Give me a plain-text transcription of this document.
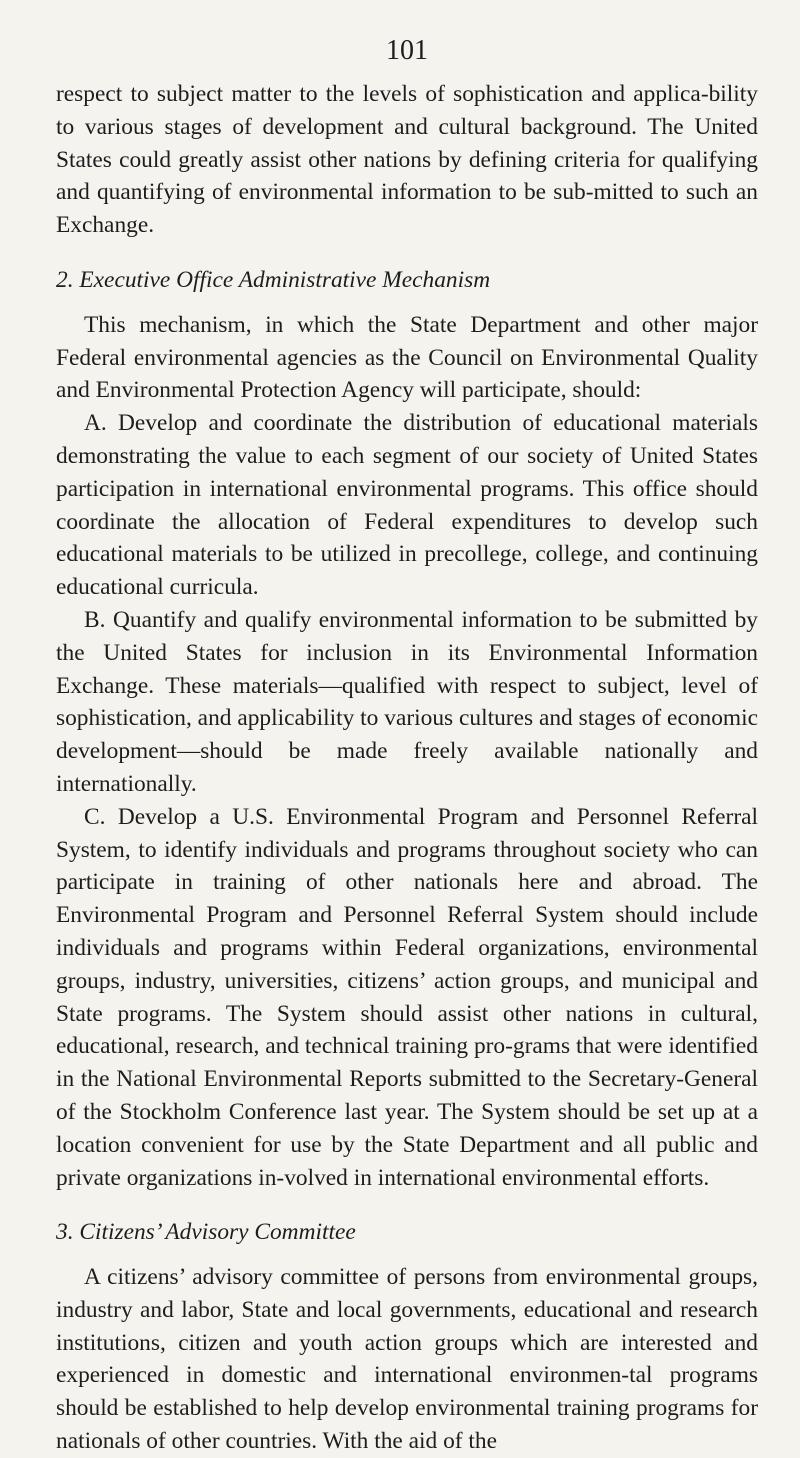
101

respect to subject matter to the levels of sophistication and applica-bility to various stages of development and cultural background. The United States could greatly assist other nations by defining criteria for qualifying and quantifying of environmental information to be sub-mitted to such an Exchange.

2. Executive Office Administrative Mechanism

This mechanism, in which the State Department and other major Federal environmental agencies as the Council on Environmental Quality and Environmental Protection Agency will participate, should:

A. Develop and coordinate the distribution of educational materials demonstrating the value to each segment of our society of United States participation in international environmental programs. This office should coordinate the allocation of Federal expenditures to develop such educational materials to be utilized in precollege, college, and continuing educational curricula.

B. Quantify and qualify environmental information to be submitted by the United States for inclusion in its Environmental Information Exchange. These materials—qualified with respect to subject, level of sophistication, and applicability to various cultures and stages of economic development—should be made freely available nationally and internationally.

C. Develop a U.S. Environmental Program and Personnel Referral System, to identify individuals and programs throughout society who can participate in training of other nationals here and abroad. The Environmental Program and Personnel Referral System should include individuals and programs within Federal organizations, environmental groups, industry, universities, citizens’ action groups, and municipal and State programs. The System should assist other nations in cultural, educational, research, and technical training pro-grams that were identified in the National Environmental Reports submitted to the Secretary-General of the Stockholm Conference last year. The System should be set up at a location convenient for use by the State Department and all public and private organizations in-volved in international environmental efforts.

3. Citizens’ Advisory Committee

A citizens’ advisory committee of persons from environmental groups, industry and labor, State and local governments, educational and research institutions, citizen and youth action groups which are interested and experienced in domestic and international environmen-tal programs should be established to help develop environmental training programs for nationals of other countries. With the aid of the
